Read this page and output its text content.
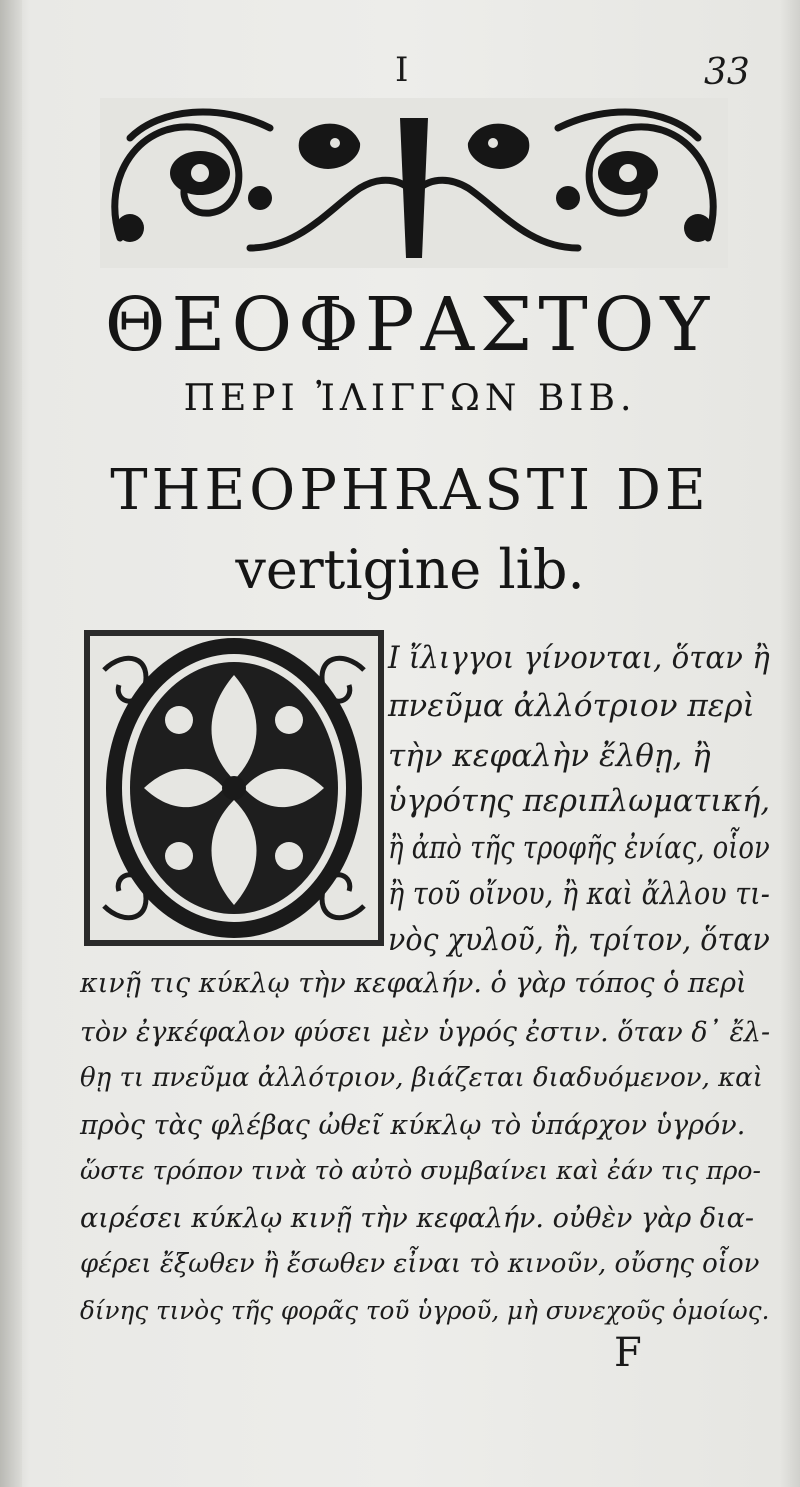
I	33
ΘΕΟΦΡΑΣΤΟΥ
ΠΕΡΙ ἸΛΙΓΓΩΝ ΒΙΒ.
THEOPHRASTI DE
vertigine lib.
Ι ἴλιγγοι γίνονται, ὅταν ἢ
πνεῦμα ἀλλότριον περὶ
τὴν κεφαλὴν ἔλθῃ, ἢ
ὑγρότης περιπλωματική,
ἢ ἀπὸ τῆς τροφῆς ἐνίας, οἷον
ἢ τοῦ οἴνου, ἢ καὶ ἄλλου τι-
νὸς χυλοῦ, ἢ, τρίτον, ὅταν
κινῇ τις κύκλῳ τὴν κεφαλήν. ὁ γὰρ τόπος ὁ περὶ
τὸν ἐγκέφαλον φύσει μὲν ὑγρός ἐστιν. ὅταν δ᾽ ἔλ-
θῃ τι πνεῦμα ἀλλότριον, βιάζεται διαδυόμενον, καὶ
πρὸς τὰς φλέβας ὠθεῖ κύκλῳ τὸ ὑπάρχον ὑγρόν.
ὥστε τρόπον τινὰ τὸ αὐτὸ συμβαίνει καὶ ἐάν τις προ-
αιρέσει κύκλῳ κινῇ τὴν κεφαλήν. οὐθὲν γὰρ δια-
φέρει ἔξωθεν ἢ ἔσωθεν εἶναι τὸ κινοῦν, οὔσης οἷον
δίνης τινὸς τῆς φορᾶς τοῦ ὑγροῦ, μὴ συνεχοῦς ὁμοίως.
F
